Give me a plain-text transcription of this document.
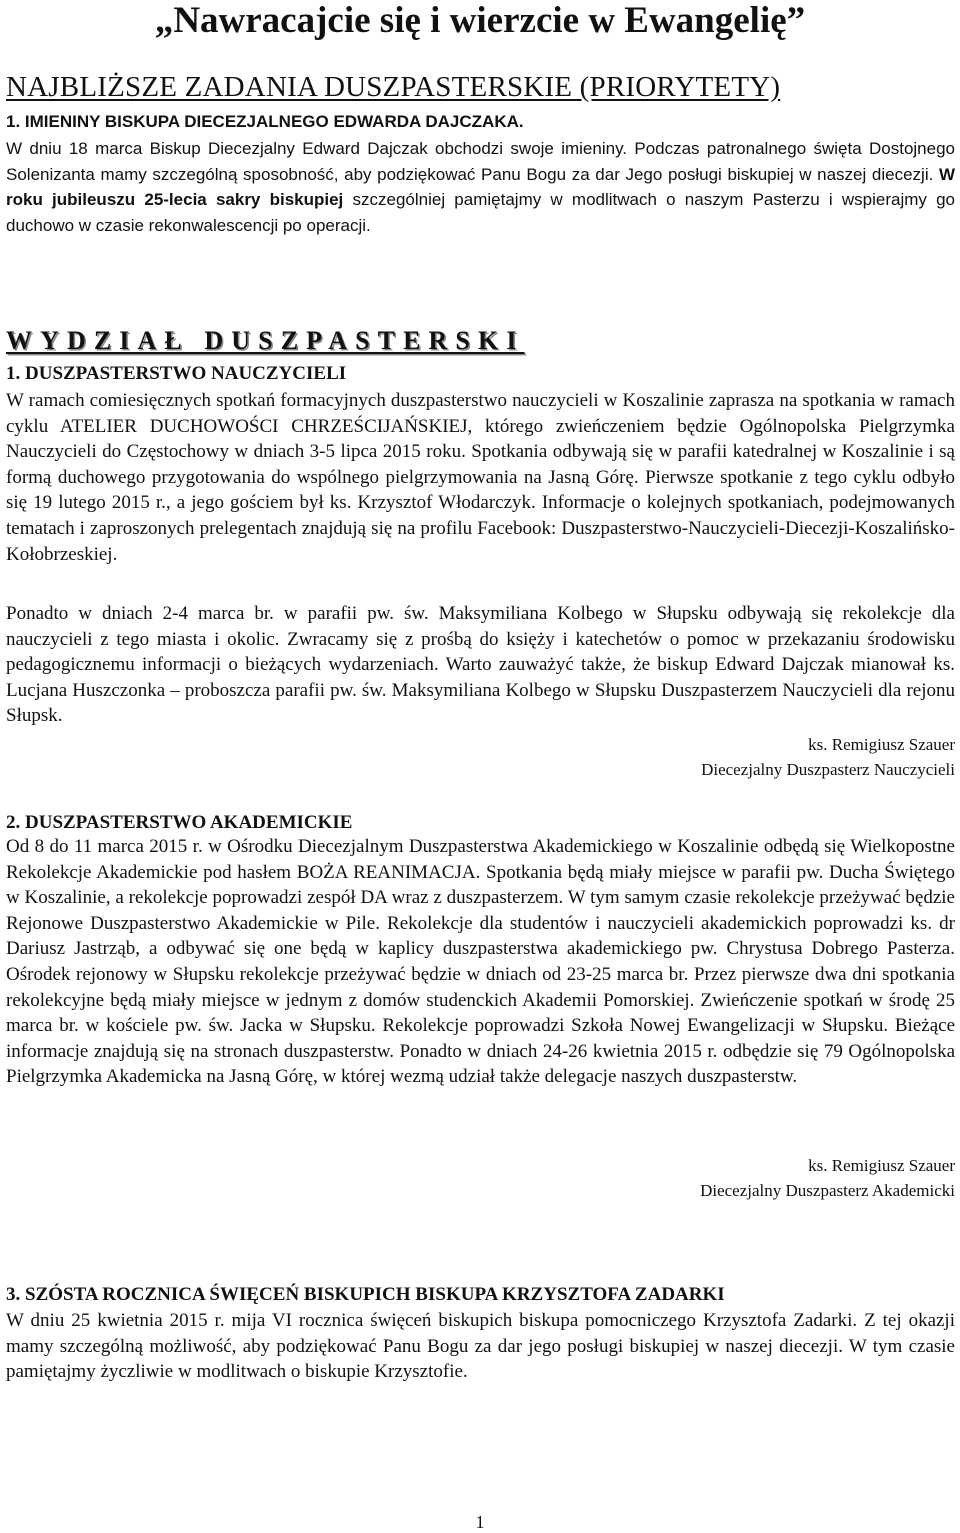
„Nawracajcie się i wierzcie w Ewangelię”

NAJBLIŻSZE ZADANIA DUSZPASTERSKIE (PRIORYTETY)

1. IMIENINY BISKUPA DIECEZJALNEGO EDWARDA DAJCZAKA.

W dniu 18 marca Biskup Diecezjalny Edward Dajczak obchodzi swoje imieniny. Podczas patronalnego święta Dostojnego Solenizanta mamy szczególną sposobność, aby podziękować Panu Bogu za dar Jego posługi biskupiej w naszej diecezji. W roku jubileuszu 25-lecia sakry biskupiej szczególniej pamiętajmy w modlitwach o naszym Pasterzu i wspierajmy go duchowo w czasie rekonwalescencji po operacji.

WYDZIAŁ DUSZPASTERSKI

1. DUSZPASTERSTWO NAUCZYCIELI

W ramach comiesięcznych spotkań formacyjnych duszpasterstwo nauczycieli w Koszalinie zaprasza na spotkania w ramach cyklu ATELIER DUCHOWOŚCI CHRZEŚCIJAŃSKIEJ, którego zwieńczeniem będzie Ogólnopolska Pielgrzymka Nauczycieli do Częstochowy w dniach 3-5 lipca 2015 roku. Spotkania odbywają się w parafii katedralnej w Koszalinie i są formą duchowego przygotowania do wspólnego pielgrzymowania na Jasną Górę. Pierwsze spotkanie z tego cyklu odbyło się 19 lutego 2015 r., a jego gościem był ks. Krzysztof Włodarczyk. Informacje o kolejnych spotkaniach, podejmowanych tematach i zaproszonych prelegentach znajdują się na profilu Facebook: Duszpasterstwo-Nauczycieli-Diecezji-Koszalińsko-Kołobrzeskiej.

Ponadto w dniach 2-4 marca br. w parafii pw. św. Maksymiliana Kolbego w Słupsku odbywają się rekolekcje dla nauczycieli z tego miasta i okolic. Zwracamy się z prośbą do księży i katechetów o pomoc w przekazaniu środowisku pedagogicznemu informacji o bieżących wydarzeniach. Warto zauważyć także, że biskup Edward Dajczak mianował ks. Lucjana Huszczonka – proboszcza parafii pw. św. Maksymiliana Kolbego w Słupsku Duszpasterzem Nauczycieli dla rejonu Słupsk.

ks. Remigiusz Szauer
Diecezjalny Duszpasterz Nauczycieli

2. DUSZPASTERSTWO AKADEMICKIE

Od 8 do 11 marca 2015 r. w Ośrodku Diecezjalnym Duszpasterstwa Akademickiego w Koszalinie odbędą się Wielkopostne Rekolekcje Akademickie pod hasłem BOŻA REANIMACJA. Spotkania będą miały miejsce w parafii pw. Ducha Świętego w Koszalinie, a rekolekcje poprowadzi zespół DA wraz z duszpasterzem. W tym samym czasie rekolekcje przeżywać będzie Rejonowe Duszpasterstwo Akademickie w Pile. Rekolekcje dla studentów i nauczycieli akademickich poprowadzi ks. dr Dariusz Jastrząb, a odbywać się one będą w kaplicy duszpasterstwa akademickiego pw. Chrystusa Dobrego Pasterza. Ośrodek rejonowy w Słupsku rekolekcje przeżywać będzie w dniach od 23-25 marca br. Przez pierwsze dwa dni spotkania rekolekcyjne będą miały miejsce w jednym z domów studenckich Akademii Pomorskiej. Zwieńczenie spotkań w środę 25 marca br. w kościele pw. św. Jacka w Słupsku. Rekolekcje poprowadzi Szkoła Nowej Ewangelizacji w Słupsku. Bieżące informacje znajdują się na stronach duszpasterstw. Ponadto w dniach 24-26 kwietnia 2015 r. odbędzie się 79 Ogólnopolska Pielgrzymka Akademicka na Jasną Górę, w której wezmą udział także delegacje naszych duszpasterstw.

ks. Remigiusz Szauer
Diecezjalny Duszpasterz Akademicki

3. SZÓSTA ROCZNICA ŚWIĘCEŃ BISKUPICH BISKUPA KRZYSZTOFA ZADARKI

W dniu 25 kwietnia 2015 r. mija VI rocznica święceń biskupich biskupa pomocniczego Krzysztofa Zadarki. Z tej okazji mamy szczególną możliwość, aby podziękować Panu Bogu za dar jego posługi biskupiej w naszej diecezji. W tym czasie pamiętajmy życzliwie w modlitwach o biskupie Krzysztofie.

1
